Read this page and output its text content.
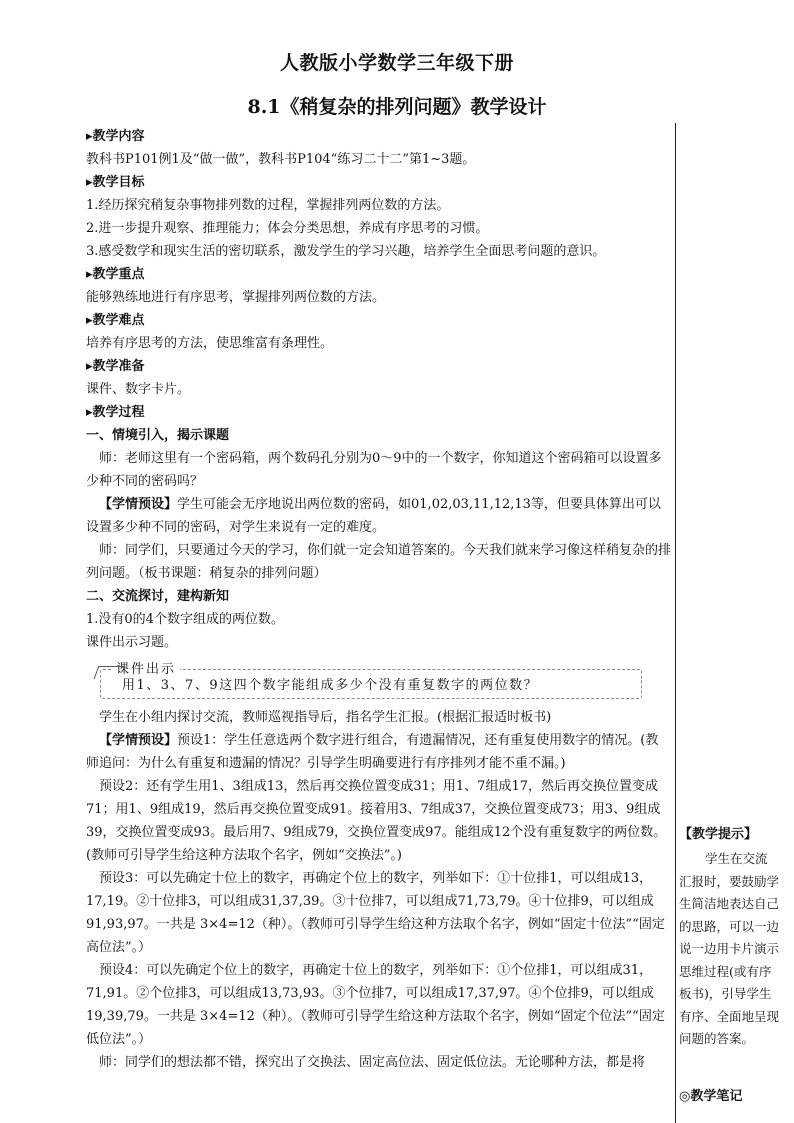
人教版小学数学三年级下册
8.1《稍复杂的排列问题》教学设计

▸教学内容

教科书P101例1及“做一做”，教科书P104“练习二十二”第1~3题。

▸教学目标

1.经历探究稍复杂事物排列数的过程，掌握排列两位数的方法。

2.进一步提升观察、推理能力；体会分类思想，养成有序思考的习惯。

3.感受数学和现实生活的密切联系，激发学生的学习兴趣，培养学生全面思考问题的意识。

▸教学重点

能够熟练地进行有序思考，掌握排列两位数的方法。

▸教学难点

培养有序思考的方法，使思维富有条理性。

▸教学准备

课件、数字卡片。

▸教学过程

一、情境引入，揭示课题

师：老师这里有一个密码箱，两个数码孔分别为0～9中的一个数字，你知道这个密码箱可以设置多少种不同的密码吗？

【学情预设】学生可能会无序地说出两位数的密码，如01,02,03,11,12,13等，但要具体算出可以设置多少种不同的密码，对学生来说有一定的难度。

师：同学们，只要通过今天的学习，你们就一定会知道答案的。今天我们就来学习像这样稍复杂的排列问题。（板书课题：稍复杂的排列问题）

二、交流探讨，建构新知

1.没有0的4个数字组成的两位数。

课件出示习题。

课件出示
用1、3、7、9这四个数字能组成多少个没有重复数字的两位数？

学生在小组内探讨交流，教师巡视指导后，指名学生汇报。(根据汇报适时板书)

【学情预设】预设1：学生任意选两个数字进行组合，有遗漏情况，还有重复使用数字的情况。(教师追问：为什么有重复和遗漏的情况？引导学生明确要进行有序排列才能不重不漏。)

预设2：还有学生用1、3组成13，然后再交换位置变成31；用1、7组成17，然后再交换位置变成71；用1、9组成19，然后再交换位置变成91。接着用3、7组成37，交换位置变成73；用3、9组成39，交换位置变成93。最后用7、9组成79，交换位置变成97。能组成12个没有重复数字的两位数。(教师可引导学生给这种方法取个名字，例如“交换法”。)

预设3：可以先确定十位上的数字，再确定个位上的数字，列举如下：①十位排1，可以组成13，17,19。②十位排3，可以组成31,37,39。③十位排7，可以组成71,73,79。④十位排9，可以组成91,93,97。一共是 3×4=12（种）。（教师可引导学生给这种方法取个名字，例如“固定十位法”“固定高位法”。）

预设4：可以先确定个位上的数字，再确定十位上的数字，列举如下：①个位排1，可以组成31，71,91。②个位排3，可以组成13,73,93。③个位排7，可以组成17,37,97。④个位排9，可以组成19,39,79。一共是 3×4=12（种）。（教师可引导学生给这种方法取个名字，例如“固定个位法”“固定低位法”。）

师：同学们的想法都不错，探究出了交换法、固定高位法、固定低位法。无论哪种方法，都是将

【教学提示】
学生在交流汇报时，要鼓励学生简洁地表达自己的思路，可以一边说一边用卡片演示思维过程(或有序板书)，引导学生有序、全面地呈现问题的答案。
◎教学笔记
